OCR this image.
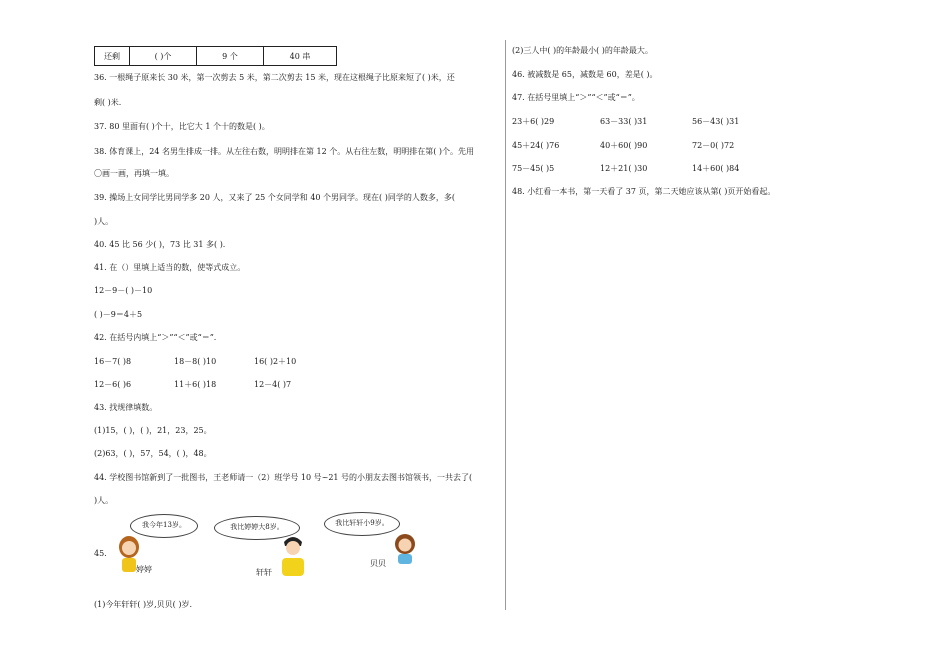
还剩	( )个	9 个	40 串
36. 一根绳子原来长 30 米，第一次剪去 5 米，第二次剪去 15 米，现在这根绳子比原来短了( )米，还
剩( )米.
37. 80 里面有( )个十，比它大 1 个十的数是( )。
38. 体育课上，24 名男生排成一排。从左往右数，明明排在第 12 个。从右往左数，明明排在第( )个。先用
〇画一画，再填一填。
39. 操场上女同学比男同学多 20 人，又来了 25 个女同学和 40 个男同学。现在( )同学的人数多，多(
)人。
40. 45 比 56 少( )，73 比 31 多( ).
41. 在（）里填上适当的数，使等式成立。
12－9－( )－10
( )－9＝4＋5
42. 在括号内填上“＞”“＜”或“＝”.
16－7( )8	18－8( )10	16( )2＋10
12－6( )6	11＋6( )18	12－4( )7
43. 找规律填数。
(1)15，( )，( )，21，23，25。
(2)63，( )，57，54，( )，48。
44. 学校图书馆新到了一批图书，王老师请一（2）班学号 10 号~21 号的小朋友去图书馆领书，一共去了(
)人。
45.
我今年13岁。	我比婷婷大8岁。	我比轩轩小9岁。
婷婷	轩轩
贝贝
(1)今年轩轩( )岁,贝贝( )岁.
(2)三人中( )的年龄最小( )的年龄最大。
46. 被减数是 65，减数是 60，差是( )。
47. 在括号里填上“＞”“＜”或“＝”。
23＋6( )29	63－33( )31	56－43( )31
45＋24( )76	40＋60( )90	72－0( )72
75－45( )5	12＋21( )30	14＋60( )84
48. 小红看一本书，第一天看了 37 页，第二天她应该从第( )页开始看起。
